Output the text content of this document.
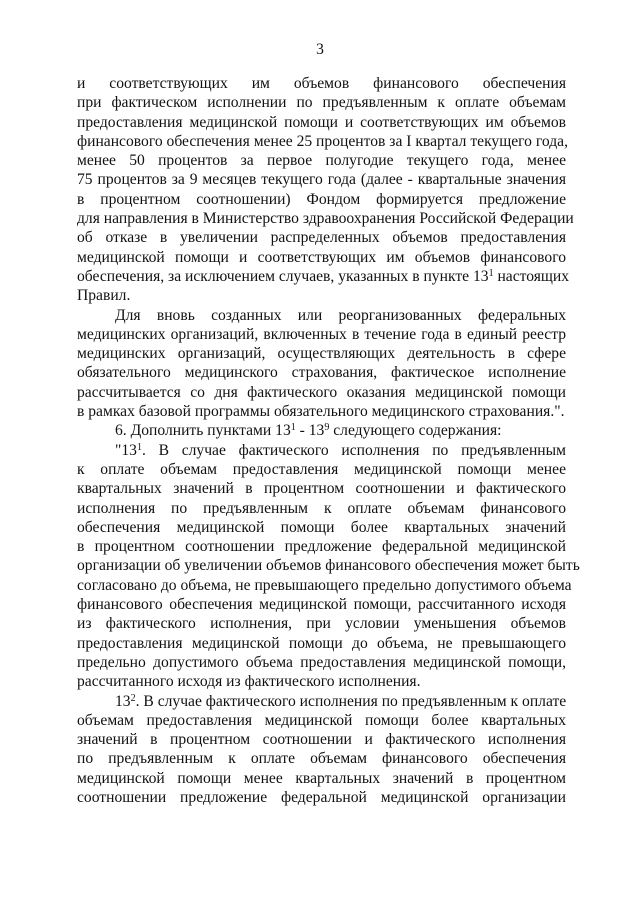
3
и соответствующих им объемов финансового обеспечения
при фактическом исполнении по предъявленным к оплате объемам
предоставления медицинской помощи и соответствующих им объемов
финансового обеспечения менее 25 процентов за I квартал текущего года,
менее 50 процентов за первое полугодие текущего года, менее
75 процентов за 9 месяцев текущего года (далее - квартальные значения
в процентном соотношении) Фондом формируется предложение
для направления в Министерство здравоохранения Российской Федерации
об отказе в увеличении распределенных объемов предоставления
медицинской помощи и соответствующих им объемов финансового
обеспечения, за исключением случаев, указанных в пункте $13^1$ настоящих
Правил.
Для вновь созданных или реорганизованных федеральных
медицинских организаций, включенных в течение года в единый реестр
медицинских организаций, осуществляющих деятельность в сфере
обязательного медицинского страхования, фактическое исполнение
рассчитывается со дня фактического оказания медицинской помощи
в рамках базовой программы обязательного медицинского страхования.".
6. Дополнить пунктами $13^1 - 13^9$ следующего содержания:
"$13^1$. В случае фактического исполнения по предъявленным
к оплате объемам предоставления медицинской помощи менее
квартальных значений в процентном соотношении и фактического
исполнения по предъявленным к оплате объемам финансового
обеспечения медицинской помощи более квартальных значений
в процентном соотношении предложение федеральной медицинской
организации об увеличении объемов финансового обеспечения может быть
согласовано до объема, не превышающего предельно допустимого объема
финансового обеспечения медицинской помощи, рассчитанного исходя
из фактического исполнения, при условии уменьшения объемов
предоставления медицинской помощи до объема, не превышающего
предельно допустимого объема предоставления медицинской помощи,
рассчитанного исходя из фактического исполнения.
$13^2$. В случае фактического исполнения по предъявленным к оплате
объемам предоставления медицинской помощи более квартальных
значений в процентном соотношении и фактического исполнения
по предъявленным к оплате объемам финансового обеспечения
медицинской помощи менее квартальных значений в процентном
соотношении предложение федеральной медицинской организации
